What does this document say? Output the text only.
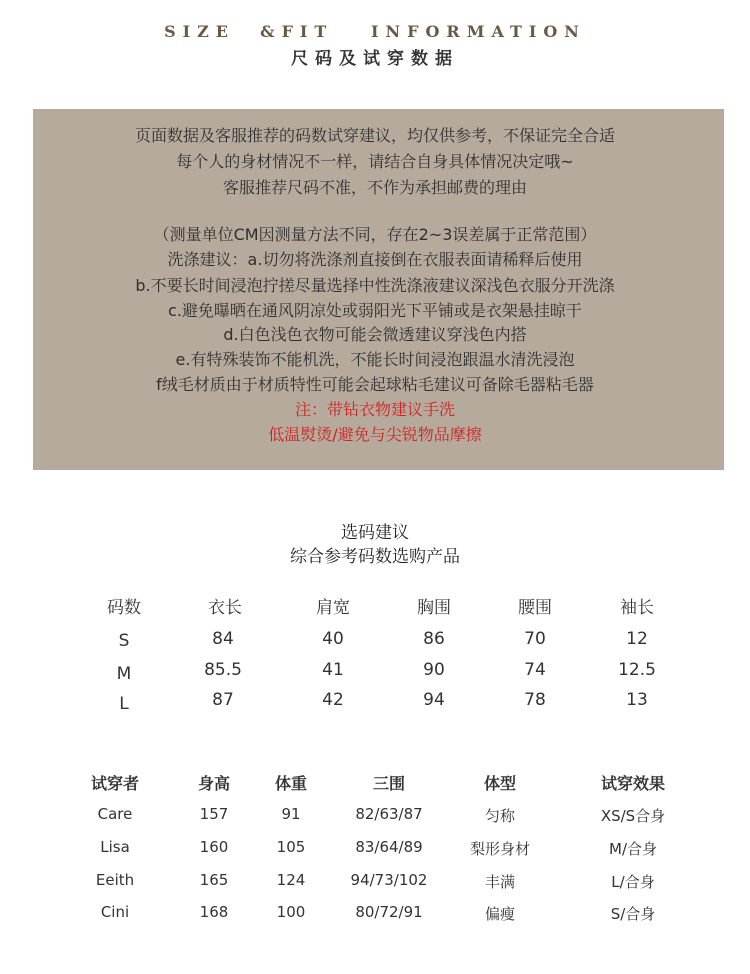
SIZE  &FIT   INFORMATION
尺码及试穿数据
页面数据及客服推荐的码数试穿建议，均仅供参考，不保证完全合适
每个人的身材情况不一样，请结合自身具体情况决定哦~
客服推荐尺码不准，不作为承担邮费的理由
（测量单位CM因测量方法不同，存在2~3误差属于正常范围）
洗涤建议：a.切勿将洗涤剂直接倒在衣服表面请稀释后使用
b.不要长时间浸泡拧搓尽量选择中性洗涤液建议深浅色衣服分开洗涤
c.避免曝晒在通风阴凉处或弱阳光下平铺或是衣架悬挂晾干
d.白色浅色衣物可能会微透建议穿浅色内搭
e.有特殊装饰不能机洗，不能长时间浸泡跟温水清洗浸泡
f绒毛材质由于材质特性可能会起球粘毛建议可备除毛器粘毛器
注：带钻衣物建议手洗
低温熨烫/避免与尖锐物品摩擦
选码建议
综合参考码数选购产品
码数	衣长	肩宽	胸围	腰围	袖长
S	84	40	86	70	12
M	85.5	41	90	74	12.5
L	87	42	94	78	13
试穿者	身高	体重	三围	体型	试穿效果
Care	157	91	82/63/87	匀称	XS/S合身
Lisa	160	105	83/64/89	梨形身材	M/合身
Eeith	165	124	94/73/102	丰满	L/合身
Cini	168	100	80/72/91	偏瘦	S/合身
